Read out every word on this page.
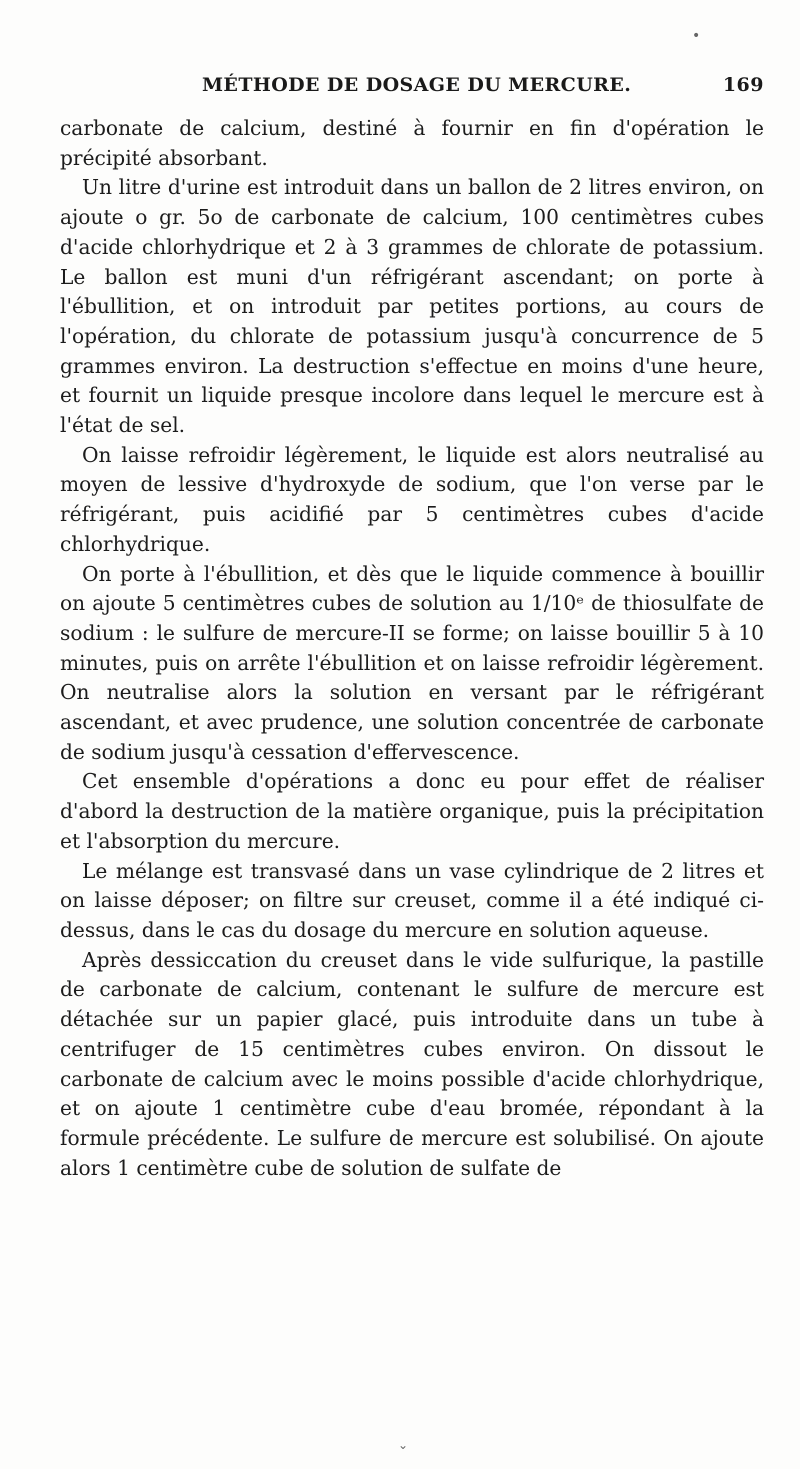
•
MÉTHODE DE DOSAGE DU MERCURE.	169

carbonate de calcium, destiné à fournir en fin d'opération le précipité absorbant.

Un litre d'urine est introduit dans un ballon de 2 litres environ, on ajoute o gr. 5o de carbonate de calcium, 100 centimètres cubes d'acide chlorhydrique et 2 à 3 grammes de chlorate de potassium. Le ballon est muni d'un réfrigérant ascendant; on porte à l'ébullition, et on introduit par petites portions, au cours de l'opération, du chlorate de potassium jusqu'à concurrence de 5 grammes environ. La destruction s'effectue en moins d'une heure, et fournit un liquide presque incolore dans lequel le mercure est à l'état de sel.

On laisse refroidir légèrement, le liquide est alors neutralisé au moyen de lessive d'hydroxyde de sodium, que l'on verse par le réfrigérant, puis acidifié par 5 centimètres cubes d'acide chlorhydrique.

On porte à l'ébullition, et dès que le liquide commence à bouillir on ajoute 5 centimètres cubes de solution au 1/10ᵉ de thiosulfate de sodium : le sulfure de mercure-II se forme; on laisse bouillir 5 à 10 minutes, puis on arrête l'ébullition et on laisse refroidir légèrement. On neutralise alors la solution en versant par le réfrigérant ascendant, et avec prudence, une solution concentrée de carbonate de sodium jusqu'à cessation d'effervescence.

Cet ensemble d'opérations a donc eu pour effet de réaliser d'abord la destruction de la matière organique, puis la précipitation et l'absorption du mercure.

Le mélange est transvasé dans un vase cylindrique de 2 litres et on laisse déposer; on filtre sur creuset, comme il a été indiqué ci-dessus, dans le cas du dosage du mercure en solution aqueuse.

Après dessiccation du creuset dans le vide sulfurique, la pastille de carbonate de calcium, contenant le sulfure de mercure est détachée sur un papier glacé, puis introduite dans un tube à centrifuger de 15 centimètres cubes environ. On dissout le carbonate de calcium avec le moins possible d'acide chlorhydrique, et on ajoute 1 centimètre cube d'eau bromée, répondant à la formule précédente. Le sulfure de mercure est solubilisé. On ajoute alors 1 centimètre cube de solution de sulfate de

⌄
